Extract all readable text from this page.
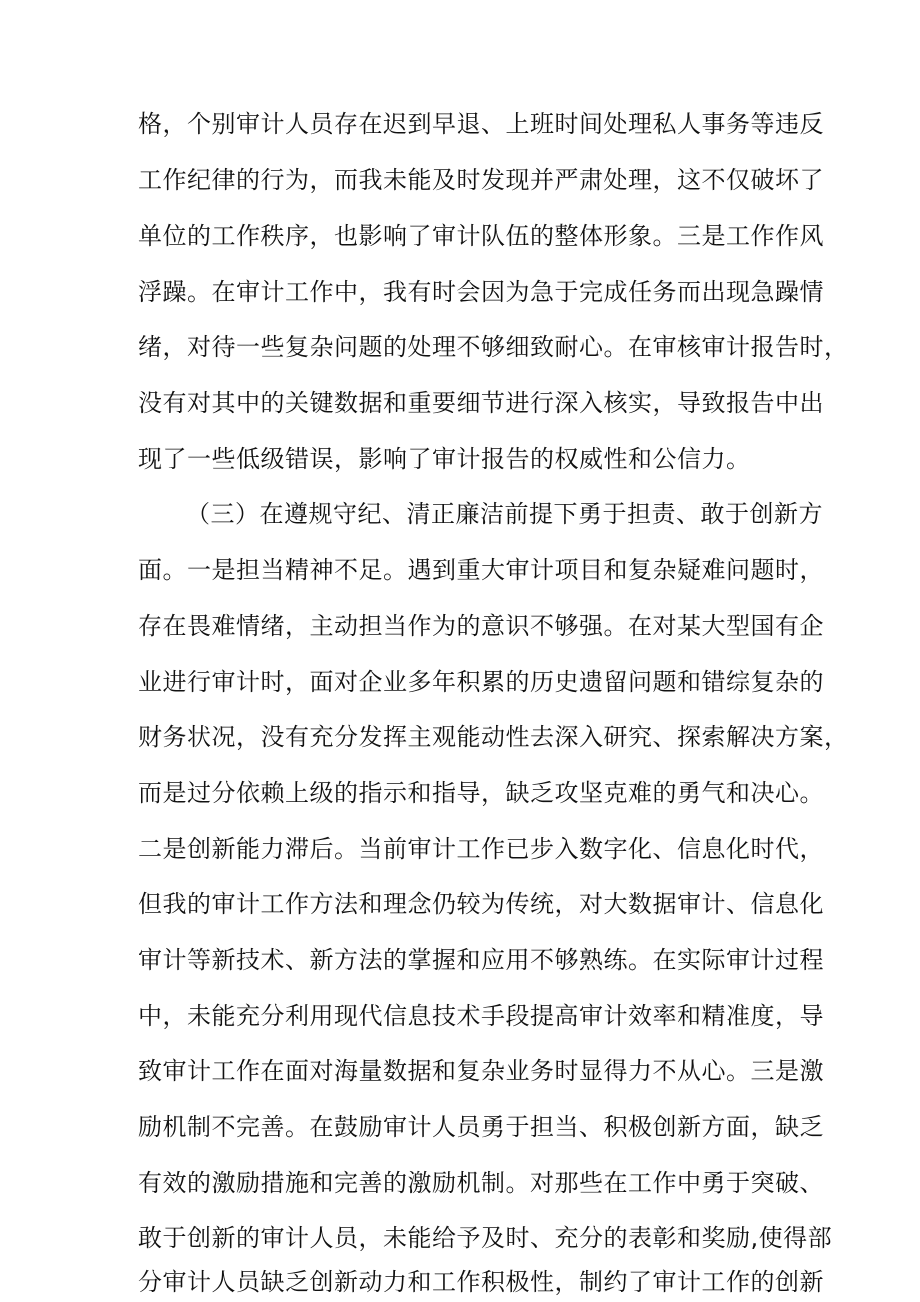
格，个别审计人员存在迟到早退、上班时间处理私人事务等违反
工作纪律的行为，而我未能及时发现并严肃处理，这不仅破坏了
单位的工作秩序，也影响了审计队伍的整体形象。三是工作作风
浮躁。在审计工作中，我有时会因为急于完成任务而出现急躁情
绪，对待一些复杂问题的处理不够细致耐心。在审核审计报告时，
没有对其中的关键数据和重要细节进行深入核实，导致报告中出
现了一些低级错误，影响了审计报告的权威性和公信力。
（三）在遵规守纪、清正廉洁前提下勇于担责、敢于创新方
面。一是担当精神不足。遇到重大审计项目和复杂疑难问题时，
存在畏难情绪，主动担当作为的意识不够强。在对某大型国有企
业进行审计时，面对企业多年积累的历史遗留问题和错综复杂的
财务状况，没有充分发挥主观能动性去深入研究、探索解决方案，
而是过分依赖上级的指示和指导，缺乏攻坚克难的勇气和决心。
二是创新能力滞后。当前审计工作已步入数字化、信息化时代，
但我的审计工作方法和理念仍较为传统，对大数据审计、信息化
审计等新技术、新方法的掌握和应用不够熟练。在实际审计过程
中，未能充分利用现代信息技术手段提高审计效率和精准度，导
致审计工作在面对海量数据和复杂业务时显得力不从心。三是激
励机制不完善。在鼓励审计人员勇于担当、积极创新方面，缺乏
有效的激励措施和完善的激励机制。对那些在工作中勇于突破、
敢于创新的审计人员，未能给予及时、充分的表彰和奖励,使得部
分审计人员缺乏创新动力和工作积极性，制约了审计工作的创新
